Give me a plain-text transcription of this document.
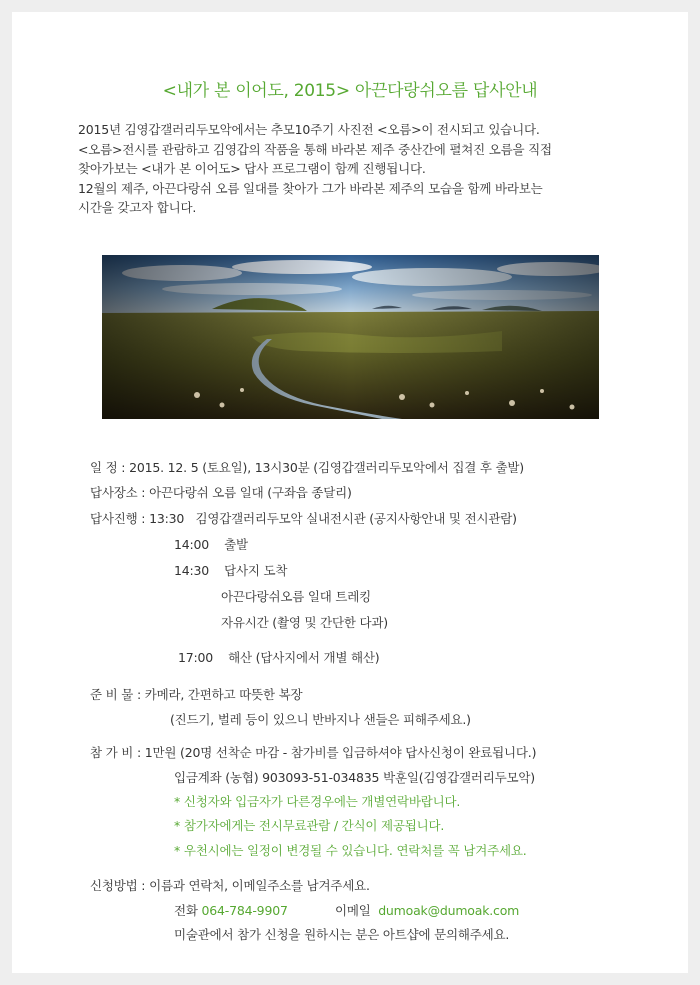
<내가 본 이어도, 2015> 아끈다랑쉬오름 답사안내

2015년 김영갑갤러리두모악에서는 추모10주기 사진전 <오름>이 전시되고 있습니다.

<오름>전시를 관람하고 김영갑의 작품을 통해 바라본 제주 중산간에 펼쳐진 오름을 직접

찾아가보는 <내가 본 이어도> 답사 프로그램이 함께 진행됩니다.

12월의 제주, 아끈다랑쉬 오름 일대를 찾아가 그가 바라본 제주의 모습을 함께 바라보는

시간을 갖고자 합니다.

일 정 : 2015. 12. 5 (토요일), 13시30분 (김영갑갤러리두모악에서 집결 후 출발)
답사장소 : 아끈다랑쉬 오름 일대 (구좌읍 종달리)
답사진행 : 13:30 김영갑갤러리두모악 실내전시관 (공지사항안내 및 전시관람)
14:00 출발
14:30 답사지 도착
아끈다랑쉬오름 일대 트레킹
자유시간 (촬영 및 간단한 다과)
17:00 해산 (답사지에서 개별 해산)
준 비 물 : 카메라, 간편하고 따뜻한 복장
(진드기, 벌레 등이 있으니 반바지나 샌들은 피해주세요.)
참 가 비 : 1만원 (20명 선착순 마감 - 참가비를 입금하셔야 답사신청이 완료됩니다.)
입금계좌 (농협) 903093-51-034835 박훈일(김영갑갤러리두모악)
* 신청자와 입금자가 다른경우에는 개별연락바랍니다.
* 참가자에게는 전시무료관람 / 간식이 제공됩니다.
* 우천시에는 일정이 변경될 수 있습니다. 연락처를 꼭 남겨주세요.
신청방법 : 이름과 연락처, 이메일주소를 남겨주세요.
전화 064-784-9907	이메일 dumoak@dumoak.com
미술관에서 참가 신청을 원하시는 분은 아트샵에 문의해주세요.
